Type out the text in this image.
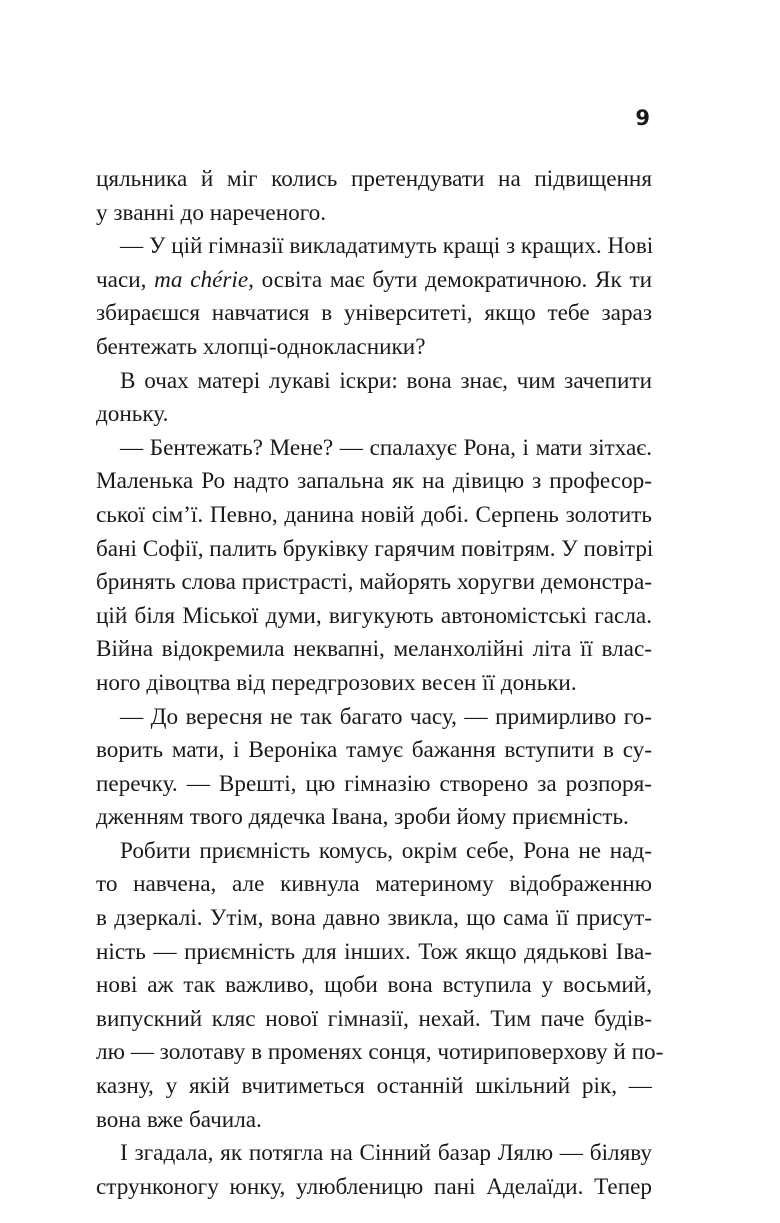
9
цяльника й міг колись претендувати на підвищення
у званні до нареченого.
— У цій гімназії викладатимуть кращі з кращих. Нові
часи, ma chérie, освіта має бути демократичною. Як ти
збираєшся навчатися в університеті, якщо тебе зараз
бентежать хлопці-однокласники?
В очах матері лукаві іскри: вона знає, чим зачепити
доньку.
— Бентежать? Мене? — спалахує Рона, і мати зітхає.
Маленька Ро надто запальна як на дівицю з професор-
ської сім’ї. Певно, данина новій добі. Серпень золотить
бані Софії, палить бруківку гарячим повітрям. У повітрі
бринять слова пристрасті, майорять хоругви демонстра-
цій біля Міської думи, вигукують автономістські гасла.
Війна відокремила неквапні, меланхолійні літа її влас-
ного дівоцтва від передгрозових весен її доньки.
— До вересня не так багато часу, — примирливо го-
ворить мати, і Вероніка тамує бажання вступити в су-
перечку. — Врешті, цю гімназію створено за розпоря-
дженням твого дядечка Івана, зроби йому приємність.
Робити приємність комусь, окрім себе, Рона не над-
то навчена, але кивнула материному відображенню
в дзеркалі. Утім, вона давно звикла, що сама її присут-
ність — приємність для інших. Тож якщо дядькові Іва-
нові аж так важливо, щоби вона вступила у восьмий,
випускний кляс нової гімназії, нехай. Тим паче будів-
лю — золотаву в променях сонця, чотириповерхову й по-
казну, у якій вчитиметься останній шкільний рік, —
вона вже бачила.
І згадала, як потягла на Сінний базар Лялю — біляву
струнконогу юнку, улюбленицю пані Аделаїди. Тепер
